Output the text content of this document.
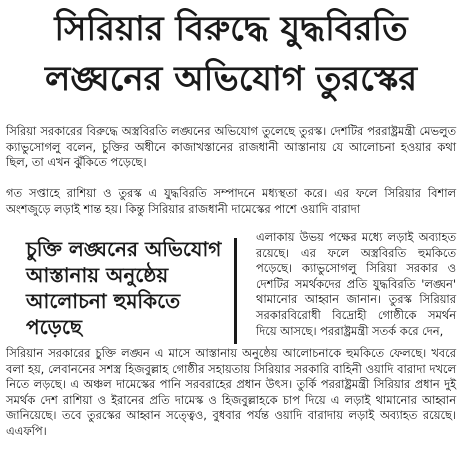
সিরিয়ার বিরুদ্ধে যুদ্ধবিরতি
লঙ্ঘনের অভিযোগ তুরস্কের
সিরিয়া সরকারের বিরুদ্ধে অস্ত্রবিরতি লঙ্ঘনের অভিযোগ তুলেছে তুরস্ক। দেশটির পররাষ্ট্রমন্ত্রী মেভলুত ক্যাভুসোগলু বলেন, চুক্তির অধীনে কাজাখস্তানের রাজধানী আস্তানায় যে আলোচনা হওয়ার কথা ছিল, তা এখন ঝুঁকিতে পড়েছে।
গত সপ্তাহে রাশিয়া ও তুরস্ক এ যুদ্ধবিরতি সম্পাদনে মধ্যস্থতা করে। এর ফলে সিরিয়ার বিশাল অংশজুড়ে লড়াই শান্ত হয়। কিন্তু সিরিয়ার রাজধানী দামেস্কের পাশে ওয়াদি বারাদা
চুক্তি লঙ্ঘনের অভিযোগ আস্তানায় অনুষ্ঠেয় আলোচনা হুমকিতে পড়েছে
এলাকায় উভয় পক্ষের মধ্যে লড়াই অব্যাহত রয়েছে। এর ফলে অস্ত্রবিরতি হুমকিতে পড়েছে। ক্যাভুসোগলু সিরিয়া সরকার ও দেশটির সমর্থকদের প্রতি যুদ্ধবিরতি 'লঙ্ঘন' থামানোর আহ্বান জানান। তুরস্ক সিরিয়ার সরকারবিরোধী বিদ্রোহী গোষ্ঠীকে সমর্থন দিয়ে আসছে। পররাষ্ট্রমন্ত্রী সতর্ক করে দেন,
সিরিয়ান সরকারের চুক্তি লঙ্ঘন এ মাসে আস্তানায় অনুষ্ঠেয় আলোচনাকে হুমকিতে ফেলছে। খবরে বলা হয়, লেবাননের সশস্ত্র হিজবুল্লাহ গোষ্ঠীর সহায়তায় সিরিয়ার সরকারি বাহিনী ওয়াদি বারাদা দখলে নিতে লড়ছে। এ অঞ্চল দামেস্কের পানি সরবরাহের প্রধান উৎস। তুর্কি পররাষ্ট্রমন্ত্রী সিরিয়ার প্রধান দুই সমর্থক দেশ রাশিয়া ও ইরানের প্রতি দামেস্ক ও হিজবুল্লাহকে চাপ দিয়ে এ লড়াই থামানোর আহ্বান জানিয়েছে। তবে তুরস্কের আহ্বান সত্ত্বেও, বুধবার পর্যন্ত ওয়াদি বারাদায় লড়াই অব্যাহত রয়েছে। এএফপি।
